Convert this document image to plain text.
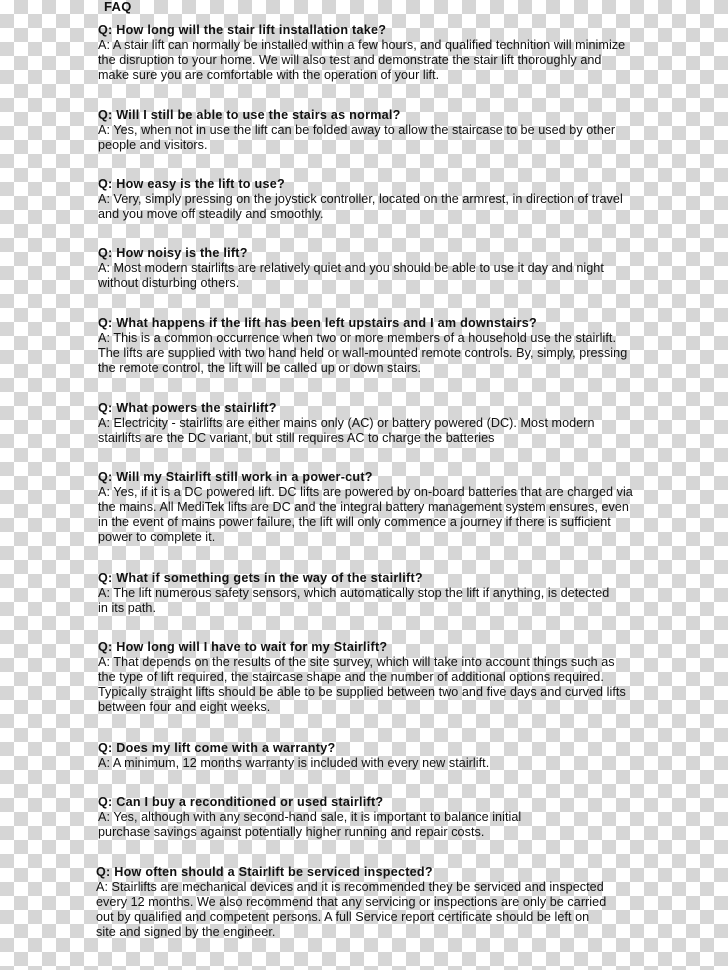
FAQ
Q: How long will the stair lift installation take?
A: A stair lift can normally be installed within a few hours, and qualified technition will minimize the disruption to your home. We will also test and demonstrate the stair lift thoroughly and make sure you are comfortable with the operation of your lift.
Q: Will I still be able to use the stairs as normal?
A: Yes, when not in use the lift can be folded away to allow the staircase to be used by other people and visitors.
Q: How easy is the lift to use?
A: Very, simply pressing on the joystick controller, located on the armrest, in direction of travel and you move off steadily and smoothly.
Q: How noisy is the lift?
A: Most modern stairlifts are relatively quiet and you should be able to use it day and night without disturbing others.
Q: What happens if the lift has been left upstairs and I am downstairs?
A: This is a common occurrence when two or more members of a household use the stairlift. The lifts are supplied with two hand held or wall-mounted remote controls. By, simply, pressing the remote control, the lift will be called up or down stairs.
Q: What powers the stairlift?
A: Electricity - stairlifts are either mains only (AC) or battery powered (DC). Most modern stairlifts are the DC variant, but still requires AC to charge the batteries
Q: Will my Stairlift still work in a power-cut?
A: Yes, if it is a DC powered lift. DC lifts are powered by on-board batteries that are charged via the mains. All MediTek lifts are DC and the integral battery management system ensures, even in the event of mains power failure, the lift will only commence a journey if there is sufficient power to complete it.
Q: What if something gets in the way of the stairlift?
A: The lift numerous safety sensors, which automatically stop the lift if anything, is detected in its path.
Q: How long will I have to wait for my Stairlift?
A: That depends on the results of the site survey, which will take into account things such as the type of lift required, the staircase shape and the number of additional options required. Typically straight lifts should be able to be supplied between two and five days and curved lifts between four and eight weeks.
Q: Does my lift come with a warranty?
A: A minimum, 12 months warranty is included with every new stairlift.
Q: Can I buy a reconditioned or used stairlift?
A: Yes, although with any second-hand sale, it is important to balance initial purchase savings against potentially higher running and repair costs.
Q: How often should a Stairlift be serviced inspected?
A: Stairlifts are mechanical devices and it is recommended they be serviced and inspected every 12 months. We also recommend that any servicing or inspections are only be carried out by qualified and competent persons. A full Service report certificate should be left on site and signed by the engineer.
